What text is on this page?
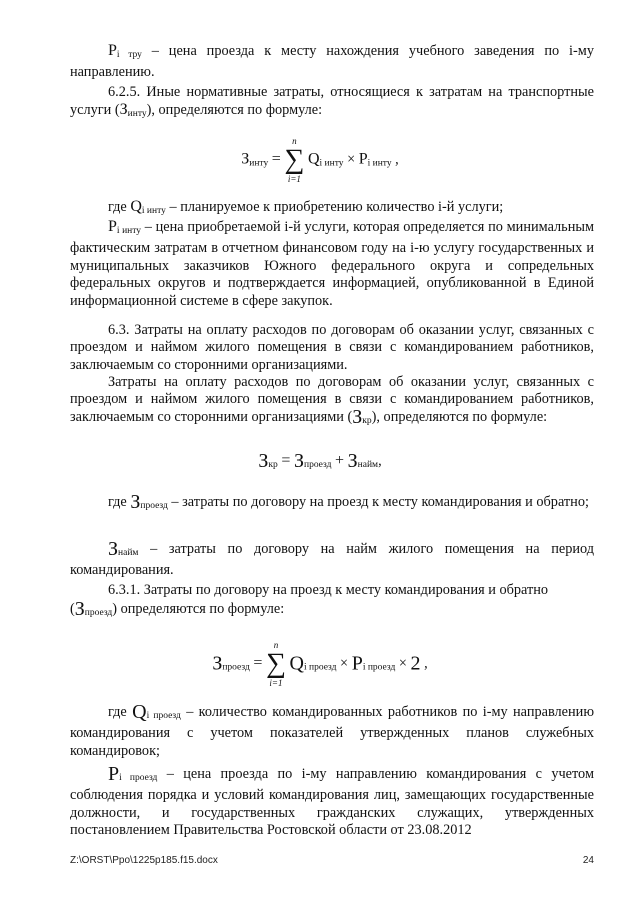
$P_{i тру}$ – цена проезда к месту нахождения учебного заведения по i-му направлению.

6.2.5. Иные нормативные затраты, относящиеся к затратам на транспортные услуги $(З_{инту})$, определяются по формуле:

$З_{инту}$ =
n
∑
i=1
$Q_{i инту} \times P_{i инту}$ ,

где $Q_{i инту}$ – планируемое к приобретению количество i-й услуги;

$P_{i инту}$ – цена приобретаемой i-й услуги, которая определяется по минимальным фактическим затратам в отчетном финансовом году на i-ю услугу государственных и муниципальных заказчиков Южного федерального округа и сопредельных федеральных округов и подтверждается информацией, опубликованной в Единой информационной системе в сфере закупок.

6.3. Затраты на оплату расходов по договорам об оказании услуг, связанных с проездом и наймом жилого помещения в связи с командированием работников, заключаемым со сторонними организациями.

Затраты на оплату расходов по договорам об оказании услуг, связанных с проездом и наймом жилого помещения в связи с командированием работников, заключаемым со сторонними организациями $(З_{кр})$, определяются по формуле:

$З_{кр} = З_{проезд} + З_{найм}$,

где $З_{проезд}$ – затраты по договору на проезд к месту командирования и обратно;

$З_{найм}$ – затраты по договору на найм жилого помещения на период командирования.

6.3.1. Затраты по договору на проезд к месту командирования и обратно

$(З_{проезд})$ определяются по формуле:

$З_{проезд}$ =
n
∑
i=1
$Q_{i проезд} \times P_{i проезд} \times 2$ ,

где $Q_{i проезд}$ – количество командированных работников по i-му направлению командирования с учетом показателей утвержденных планов служебных командировок;

$P_{i проезд}$ – цена проезда по i-му направлению командирования с учетом соблюдения порядка и условий командирования лиц, замещающих государственные должности, и государственных гражданских служащих, утвержденных постановлением Правительства Ростовской области от 23.08.2012

Z:\ORST\Ppo\1225p185.f15.docx	24
